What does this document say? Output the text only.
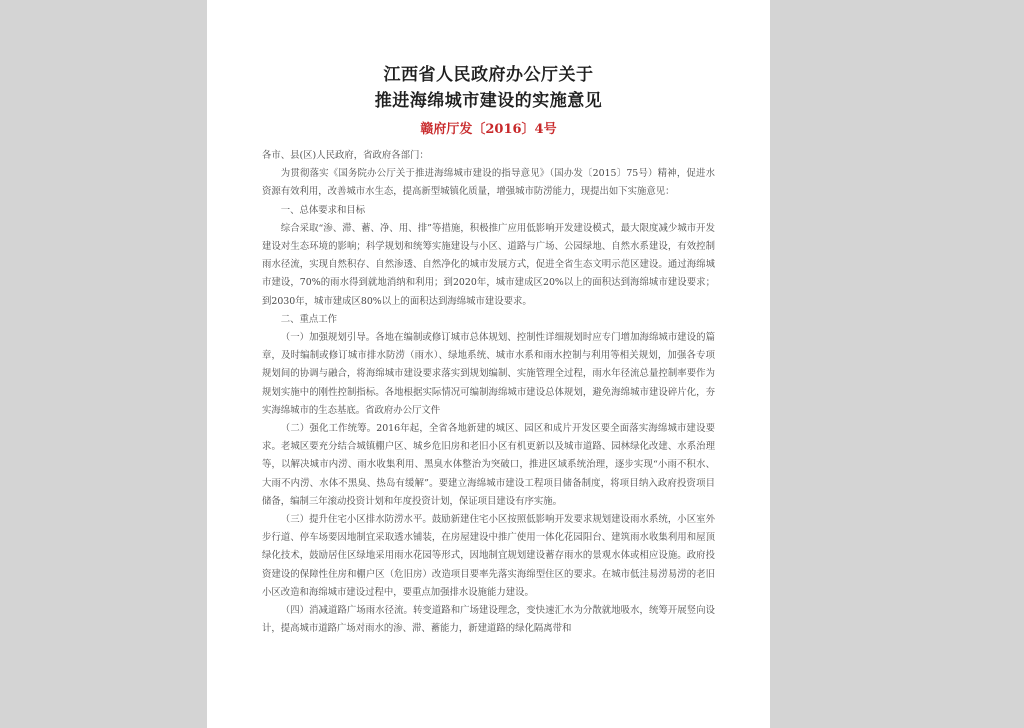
江西省人民政府办公厅关于
推进海绵城市建设的实施意见
赣府厅发〔2016〕4号

各市、县(区)人民政府，省政府各部门：

为贯彻落实《国务院办公厅关于推进海绵城市建设的指导意见》（国办发〔2015〕75号）精神，促进水资源有效利用，改善城市水生态，提高新型城镇化质量，增强城市防涝能力，现提出如下实施意见：

一、总体要求和目标

综合采取“渗、滞、蓄、净、用、排”等措施，积极推广应用低影响开发建设模式，最大限度减少城市开发建设对生态环境的影响；科学规划和统筹实施建设与小区、道路与广场、公园绿地、自然水系建设，有效控制雨水径流，实现自然积存、自然渗透、自然净化的城市发展方式，促进全省生态文明示范区建设。通过海绵城市建设，70%的雨水得到就地消纳和利用；到2020年，城市建成区20%以上的面积达到海绵城市建设要求；到2030年，城市建成区80%以上的面积达到海绵城市建设要求。

二、重点工作

（一）加强规划引导。各地在编制或修订城市总体规划、控制性详细规划时应专门增加海绵城市建设的篇章，及时编制或修订城市排水防涝（雨水）、绿地系统、城市水系和雨水控制与利用等相关规划，加强各专项规划间的协调与融合，将海绵城市建设要求落实到规划编制、实施管理全过程，雨水年径流总量控制率要作为规划实施中的刚性控制指标。各地根据实际情况可编制海绵城市建设总体规划，避免海绵城市建设碎片化，夯实海绵城市的生态基底。省政府办公厅文件

（二）强化工作统筹。2016年起，全省各地新建的城区、园区和成片开发区要全面落实海绵城市建设要求。老城区要充分结合城镇棚户区、城乡危旧房和老旧小区有机更新以及城市道路、园林绿化改建、水系治理等，以解决城市内涝、雨水收集利用、黑臭水体整治为突破口，推进区域系统治理，逐步实现“小雨不积水、大雨不内涝、水体不黑臭、热岛有缓解”。要建立海绵城市建设工程项目储备制度，将项目纳入政府投资项目储备，编制三年滚动投资计划和年度投资计划，保证项目建设有序实施。

（三）提升住宅小区排水防涝水平。鼓励新建住宅小区按照低影响开发要求规划建设雨水系统，小区室外步行道、停车场要因地制宜采取透水铺装，在房屋建设中推广使用一体化花园阳台、建筑雨水收集利用和屋顶绿化技术，鼓励居住区绿地采用雨水花园等形式，因地制宜规划建设蓄存雨水的景观水体或相应设施。政府投资建设的保障性住房和棚户区（危旧房）改造项目要率先落实海绵型住区的要求。在城市低洼易涝易涝的老旧小区改造和海绵城市建设过程中，要重点加强排水设施能力建设。

（四）消减道路广场雨水径流。转变道路和广场建设理念，变快速汇水为分散就地吸水，统筹开展竖向设计，提高城市道路广场对雨水的渗、滞、蓄能力，新建道路的绿化隔离带和
